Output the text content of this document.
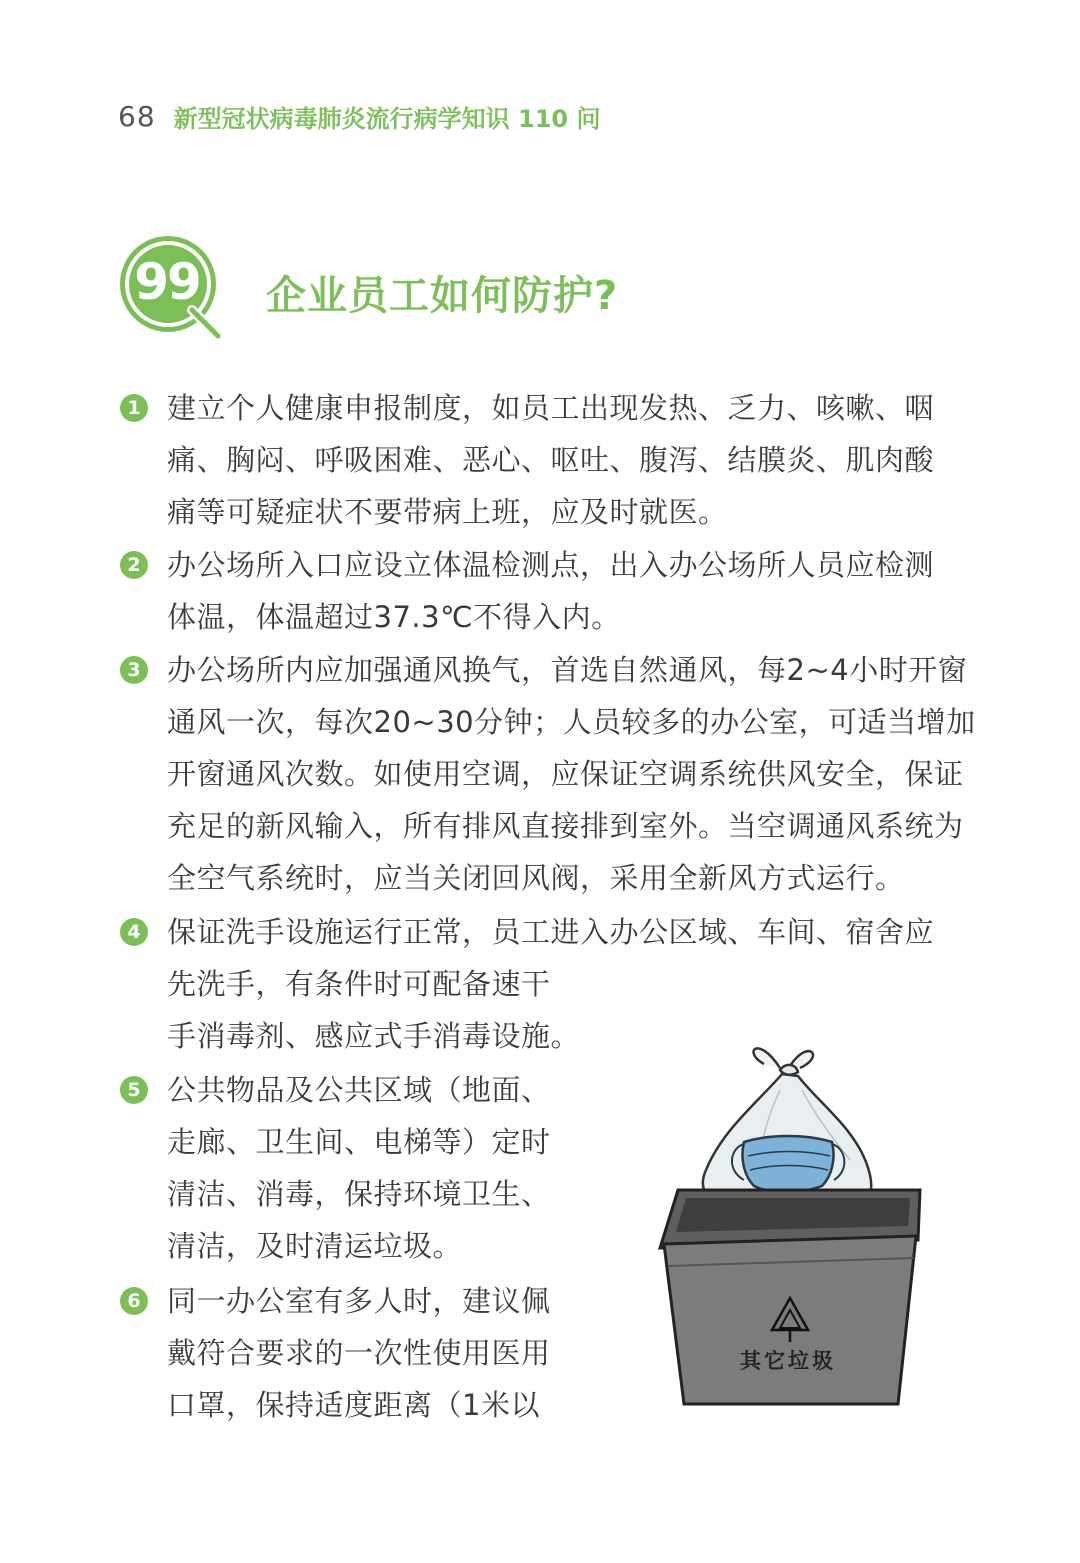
68 新型冠状病毒肺炎流行病学知识 110 问
99	企业员工如何防护?
1 建立个人健康申报制度，如员工出现发热、乏力、咳嗽、咽
痛、胸闷、呼吸困难、恶心、呕吐、腹泻、结膜炎、肌肉酸
痛等可疑症状不要带病上班，应及时就医。
2 办公场所入口应设立体温检测点，出入办公场所人员应检测
体温，体温超过37.3℃不得入内。
3 办公场所内应加强通风换气，首选自然通风，每2~4小时开窗
通风一次，每次20~30分钟；人员较多的办公室，可适当增加
开窗通风次数。如使用空调，应保证空调系统供风安全，保证
充足的新风输入，所有排风直接排到室外。当空调通风系统为
全空气系统时，应当关闭回风阀，采用全新风方式运行。
4 保证洗手设施运行正常，员工进入办公区域、车间、宿舍应
先洗手，有条件时可配备速干
手消毒剂、感应式手消毒设施。
5 公共物品及公共区域（地面、
走廊、卫生间、电梯等）定时
清洁、消毒，保持环境卫生、
清洁，及时清运垃圾。
6 同一办公室有多人时，建议佩
戴符合要求的一次性使用医用
口罩，保持适度距离（1米以
其它垃圾
